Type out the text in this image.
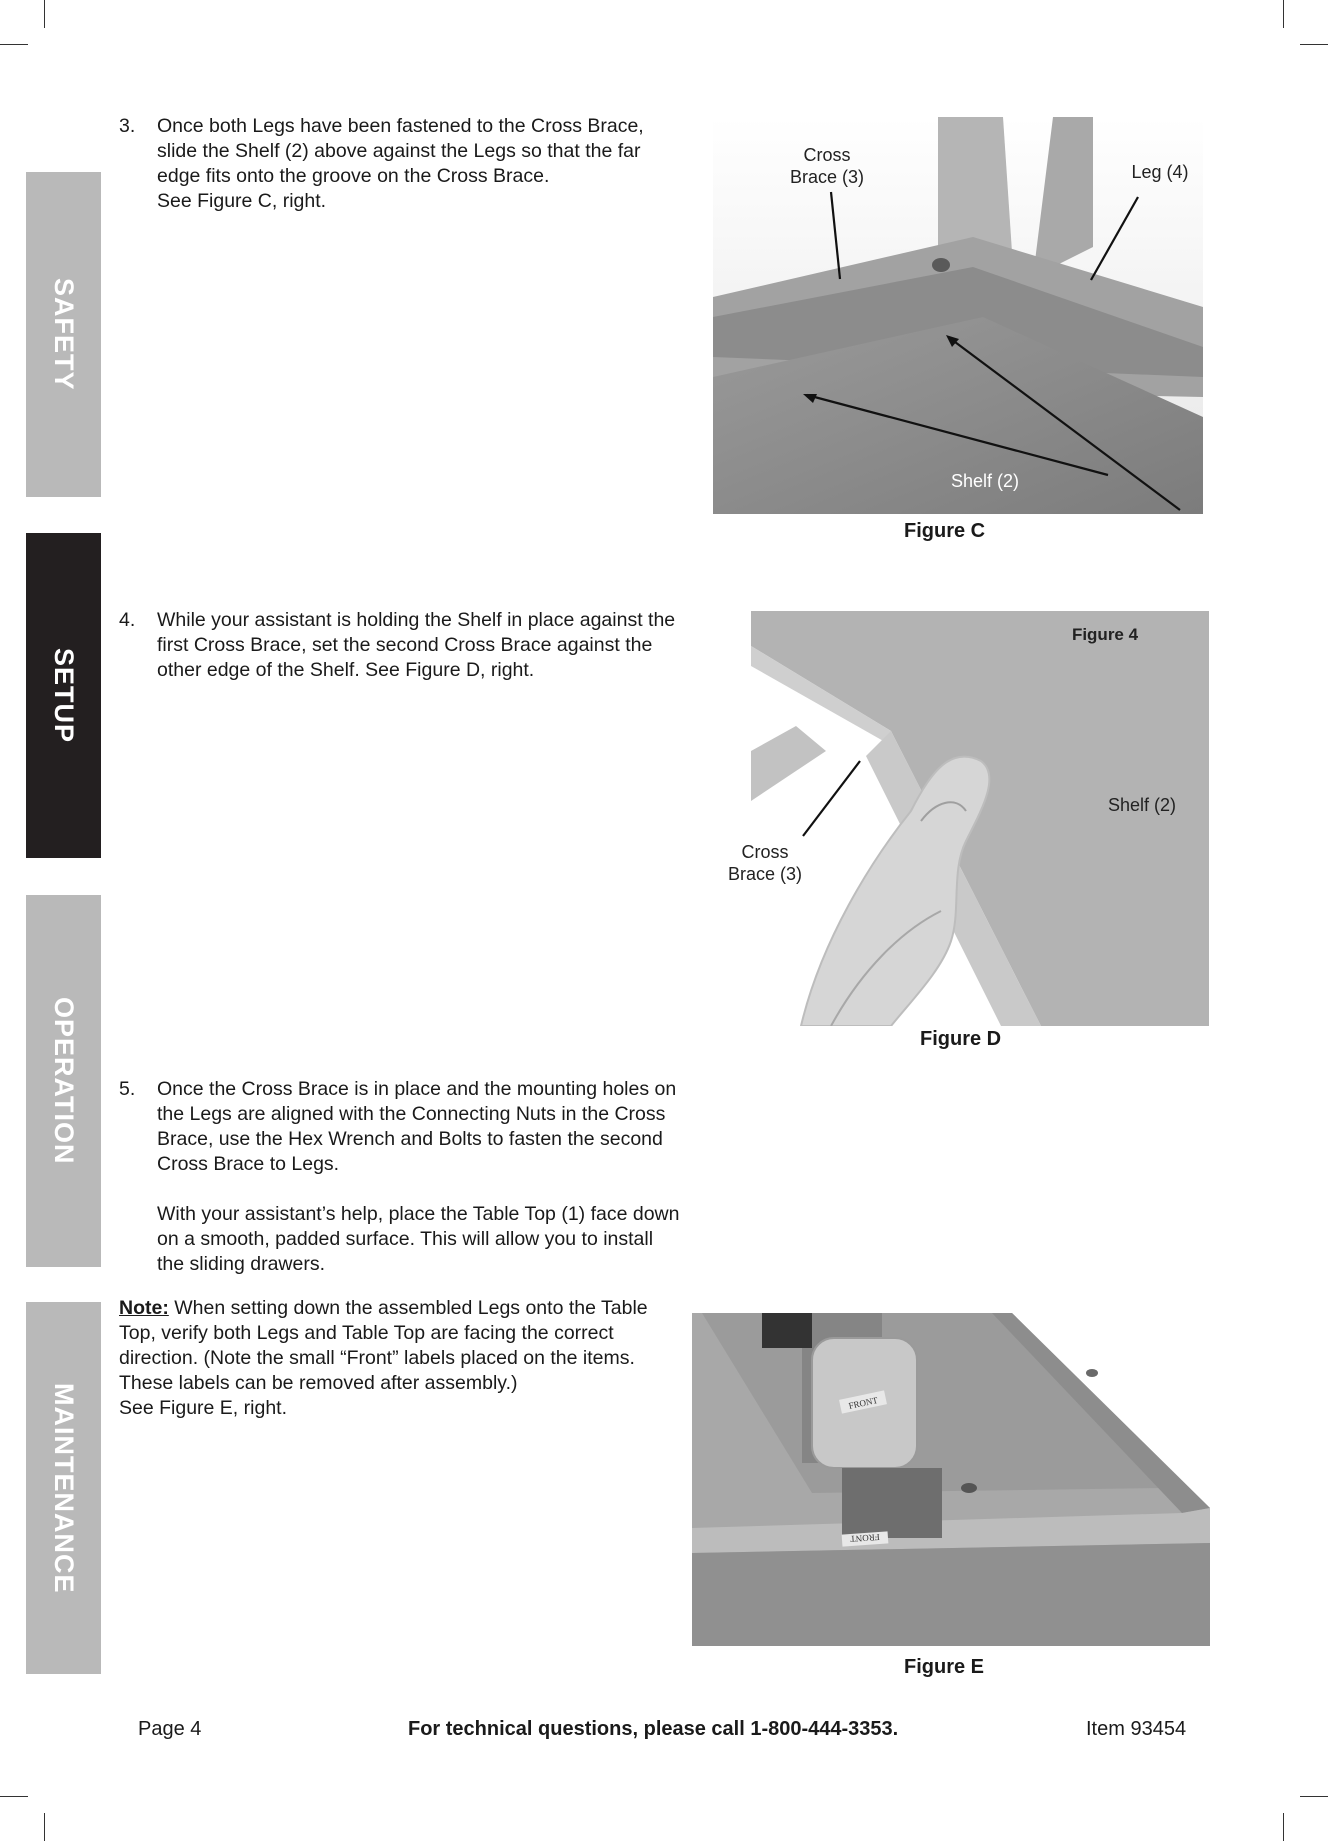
SAFETY
SETUP
OPERATION
MAINTENANCE
3. Once both Legs have been fastened to the Cross Brace,

slide the Shelf (2) above against the Legs so that the far

edge fits onto the groove on the Cross Brace.

See Figure C, right.

Cross
Brace (3)	Leg (4)
Shelf (2)
Figure C
4. While your assistant is holding the Shelf in place against the

first Cross Brace, set the second Cross Brace against the

other edge of the Shelf. See Figure D, right.

Figure 4
Shelf (2)
Cross
Brace (3)
Figure D
5. Once the Cross Brace is in place and the mounting holes on

the Legs are aligned with the Connecting Nuts in the Cross

Brace, use the Hex Wrench and Bolts to fasten the second

Cross Brace to Legs.

With your assistant’s help, place the Table Top (1) face down

on a smooth, padded surface. This will allow you to install

the sliding drawers.

Note: When setting down the assembled Legs onto the Table
Top, verify both Legs and Table Top are facing the correct
direction. (Note the small “Front” labels placed on the items.
These labels can be removed after assembly.)
See Figure E, right.	FRONT
FRONT
Figure E
Page 4	For technical questions, please call 1-800-444-3353.	Item 93454
